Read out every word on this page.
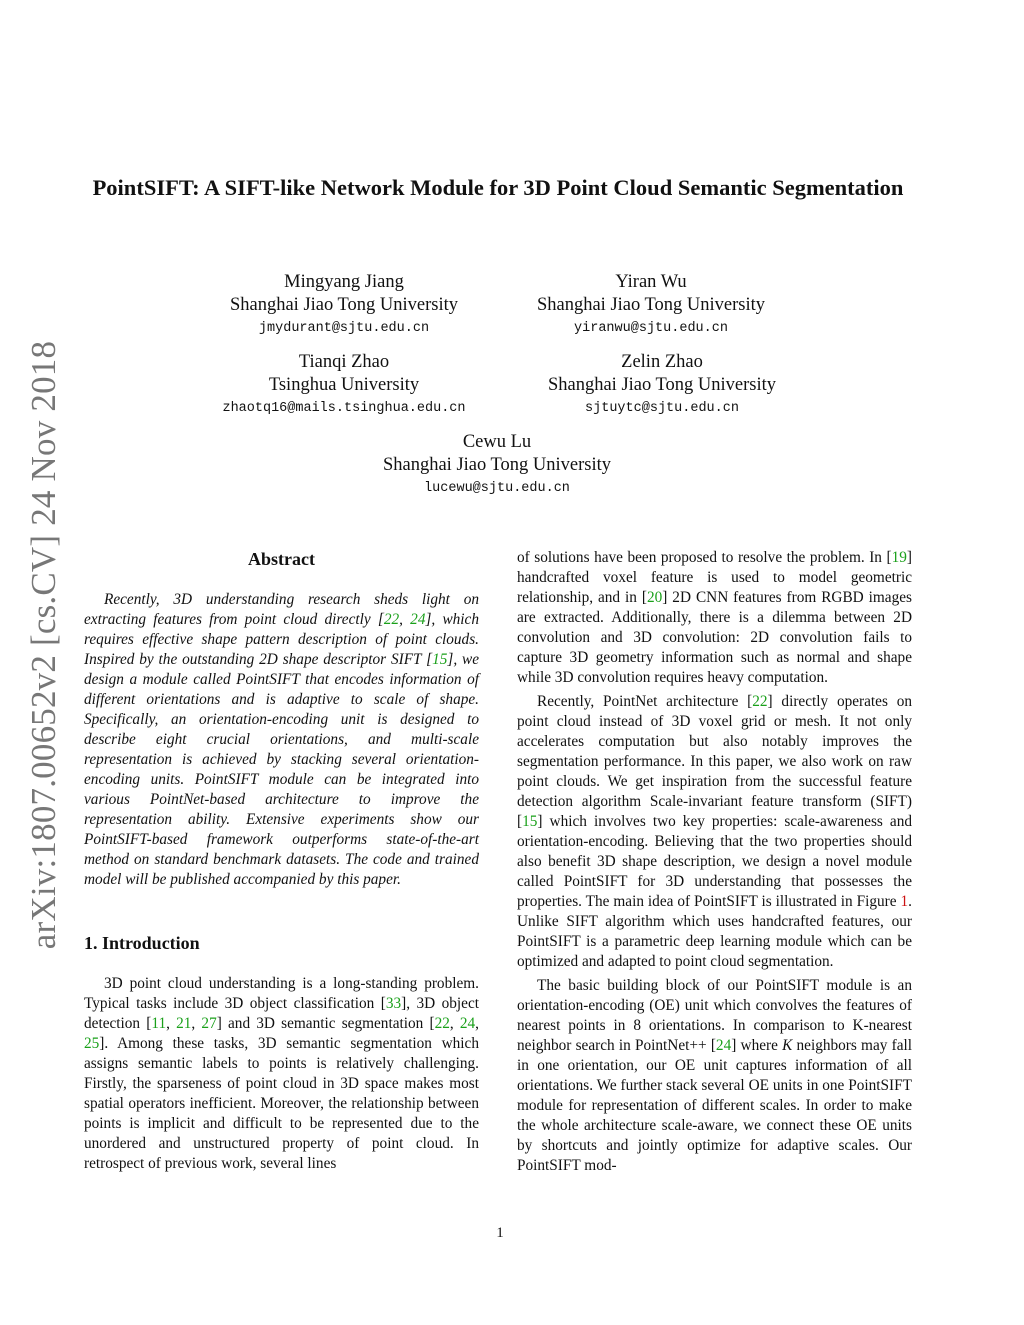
arXiv:1807.00652v2 [cs.CV] 24 Nov 2018
PointSIFT: A SIFT-like Network Module for 3D Point Cloud Semantic Segmentation
Mingyang Jiang
Shanghai Jiao Tong University
jmydurant@sjtu.edu.cn
Yiran Wu
Shanghai Jiao Tong University
yiranwu@sjtu.edu.cn
Tianqi Zhao
Tsinghua University
zhaotq16@mails.tsinghua.edu.cn
Zelin Zhao
Shanghai Jiao Tong University
sjtuytc@sjtu.edu.cn
Cewu Lu
Shanghai Jiao Tong University
lucewu@sjtu.edu.cn
Abstract

Recently, 3D understanding research sheds light on extracting features from point cloud directly [22, 24], which requires effective shape pattern description of point clouds. Inspired by the outstanding 2D shape descriptor SIFT [15], we design a module called PointSIFT that encodes information of different orientations and is adaptive to scale of shape. Specifically, an orientation-encoding unit is designed to describe eight crucial orientations, and multi-scale representation is achieved by stacking several orientation-encoding units. PointSIFT module can be integrated into various PointNet-based architecture to improve the representation ability. Extensive experiments show our PointSIFT-based framework outperforms state-of-the-art method on standard benchmark datasets. The code and trained model will be published accompanied by this paper.

1. Introduction

3D point cloud understanding is a long-standing problem. Typical tasks include 3D object classification [33], 3D object detection [11, 21, 27] and 3D semantic segmentation [22, 24, 25]. Among these tasks, 3D semantic segmentation which assigns semantic labels to points is relatively challenging. Firstly, the sparseness of point cloud in 3D space makes most spatial operators inefficient. Moreover, the relationship between points is implicit and difficult to be represented due to the unordered and unstructured property of point cloud. In retrospect of previous work, several lines

of solutions have been proposed to resolve the problem. In [19] handcrafted voxel feature is used to model geometric relationship, and in [20] 2D CNN features from RGBD images are extracted. Additionally, there is a dilemma between 2D convolution and 3D convolution: 2D convolution fails to capture 3D geometry information such as normal and shape while 3D convolution requires heavy computation.

Recently, PointNet architecture [22] directly operates on point cloud instead of 3D voxel grid or mesh. It not only accelerates computation but also notably improves the segmentation performance. In this paper, we also work on raw point clouds. We get inspiration from the successful feature detection algorithm Scale-invariant feature transform (SIFT) [15] which involves two key properties: scale-awareness and orientation-encoding. Believing that the two properties should also benefit 3D shape description, we design a novel module called PointSIFT for 3D understanding that possesses the properties. The main idea of PointSIFT is illustrated in Figure 1. Unlike SIFT algorithm which uses handcrafted features, our PointSIFT is a parametric deep learning module which can be optimized and adapted to point cloud segmentation.

The basic building block of our PointSIFT module is an orientation-encoding (OE) unit which convolves the features of nearest points in 8 orientations. In comparison to K-nearest neighbor search in PointNet++ [24] where K neighbors may fall in one orientation, our OE unit captures information of all orientations. We further stack several OE units in one PointSIFT module for representation of different scales. In order to make the whole architecture scale-aware, we connect these OE units by shortcuts and jointly optimize for adaptive scales. Our PointSIFT mod-

1
